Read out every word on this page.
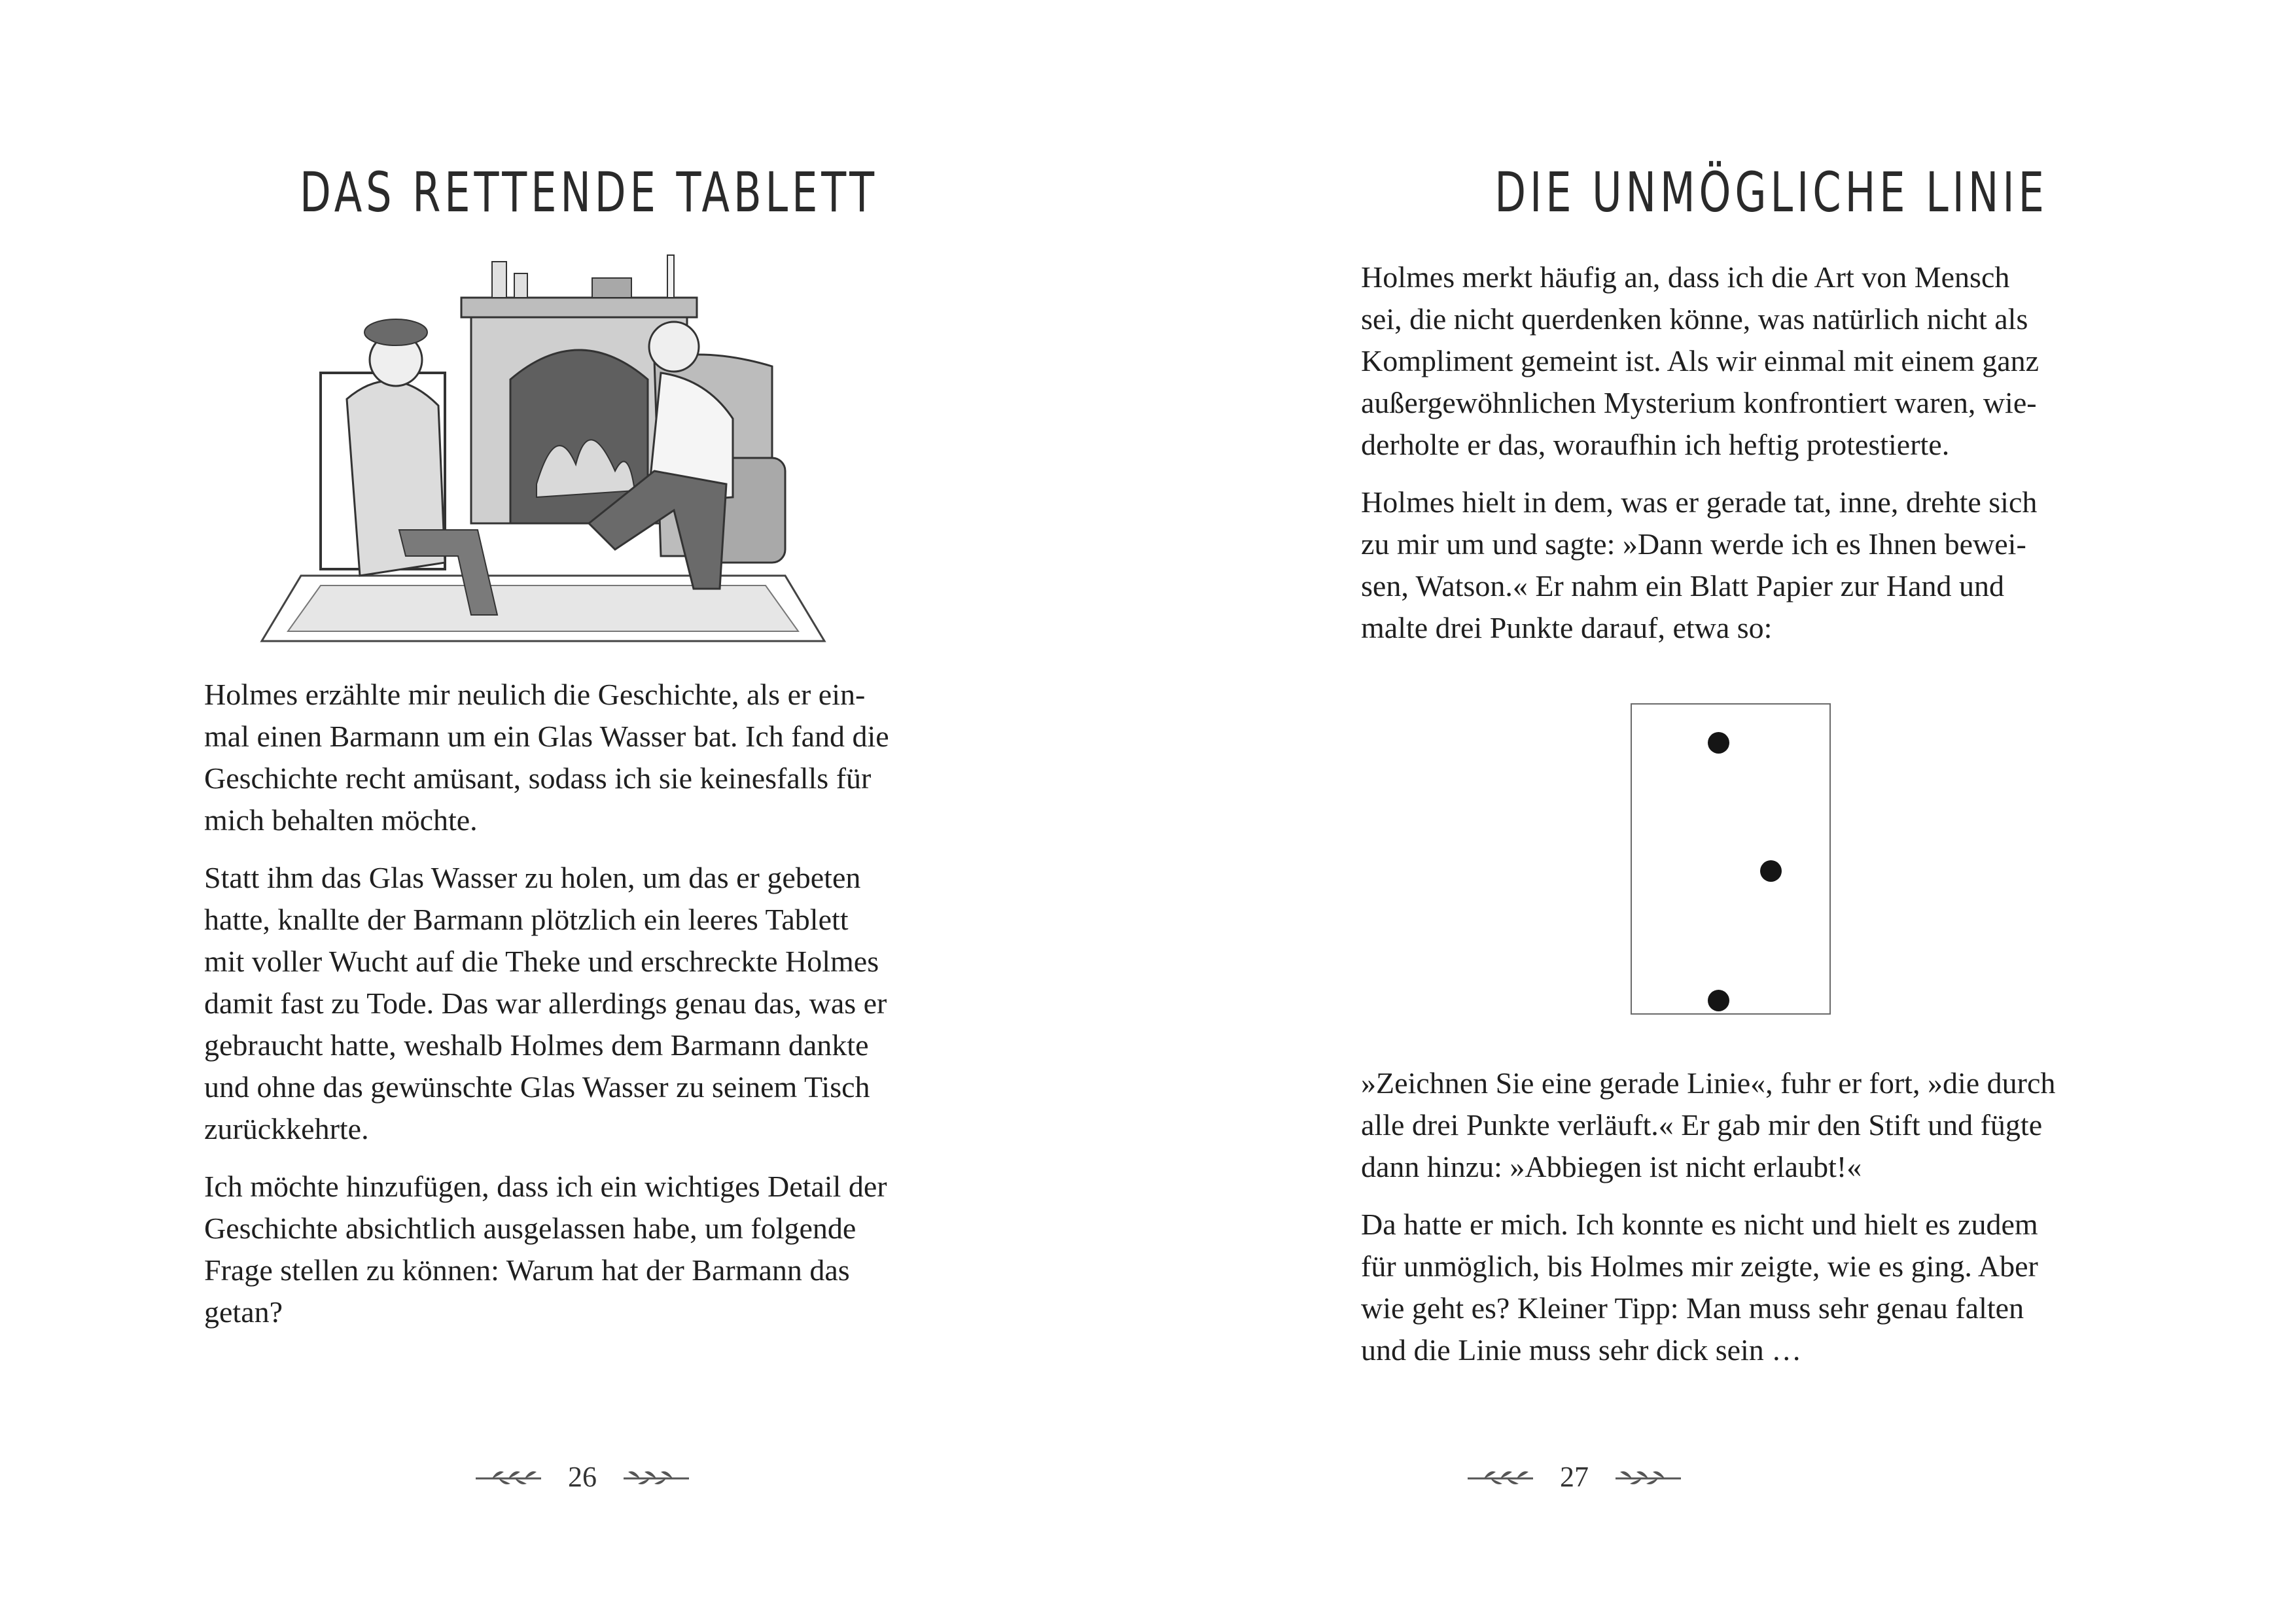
DAS RETTENDE TABLETT

Holmes erzählte mir neulich die Geschichte, als er ein-
mal einen Barmann um ein Glas Wasser bat. Ich fand die
Geschichte recht amüsant, sodass ich sie keinesfalls für
mich behalten möchte.

Statt ihm das Glas Wasser zu holen, um das er gebeten
hatte, knallte der Barmann plötzlich ein leeres Tablett
mit voller Wucht auf die Theke und erschreckte Holmes
damit fast zu Tode. Das war allerdings genau das, was er
gebraucht hatte, weshalb Holmes dem Barmann dankte
und ohne das gewünschte Glas Wasser zu seinem Tisch
zurückkehrte.

Ich möchte hinzufügen, dass ich ein wichtiges Detail der
Geschichte absichtlich ausgelassen habe, um folgende
Frage stellen zu können: Warum hat der Barmann das
getan?

26
DIE UNMÖGLICHE LINIE

Holmes merkt häufig an, dass ich die Art von Mensch
sei, die nicht querdenken könne, was natürlich nicht als
Kompliment gemeint ist. Als wir einmal mit einem ganz
außergewöhnlichen Mysterium konfrontiert waren, wie-
derholte er das, woraufhin ich heftig protestierte.

Holmes hielt in dem, was er gerade tat, inne, drehte sich
zu mir um und sagte: »Dann werde ich es Ihnen bewei-
sen, Watson.« Er nahm ein Blatt Papier zur Hand und
malte drei Punkte darauf, etwa so:

»Zeichnen Sie eine gerade Linie«, fuhr er fort, »die durch
alle drei Punkte verläuft.« Er gab mir den Stift und fügte
dann hinzu: »Abbiegen ist nicht erlaubt!«

Da hatte er mich. Ich konnte es nicht und hielt es zudem
für unmöglich, bis Holmes mir zeigte, wie es ging. Aber
wie geht es? Kleiner Tipp: Man muss sehr genau falten
und die Linie muss sehr dick sein …

27
